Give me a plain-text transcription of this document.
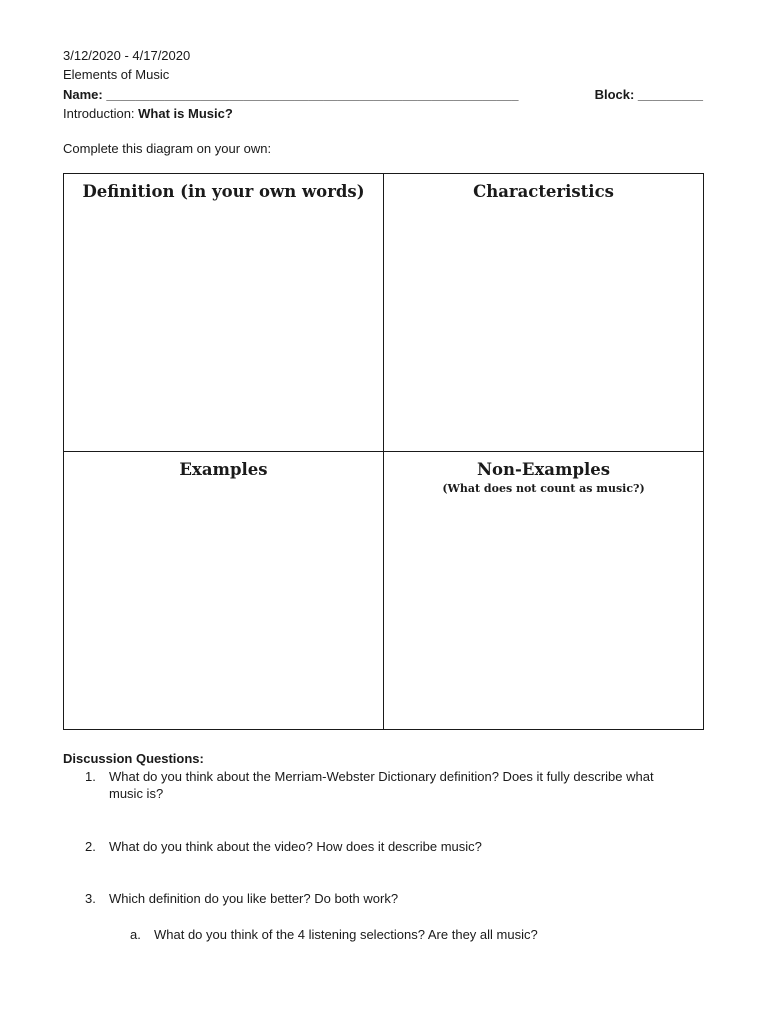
3/12/2020 - 4/17/2020
Elements of Music
Name: _________________________________________________________	Block: _________
Introduction: What is Music?
Complete this diagram on your own:
Definition (in your own words)	Characteristics
Examples	Non-Examples
(What does not count as music?)
Discussion Questions:
1. What do you think about the Merriam-Webster Dictionary definition? Does it fully describe what
music is?
2. What do you think about the video? How does it describe music?
3. Which definition do you like better? Do both work?
a. What do you think of the 4 listening selections? Are they all music?
